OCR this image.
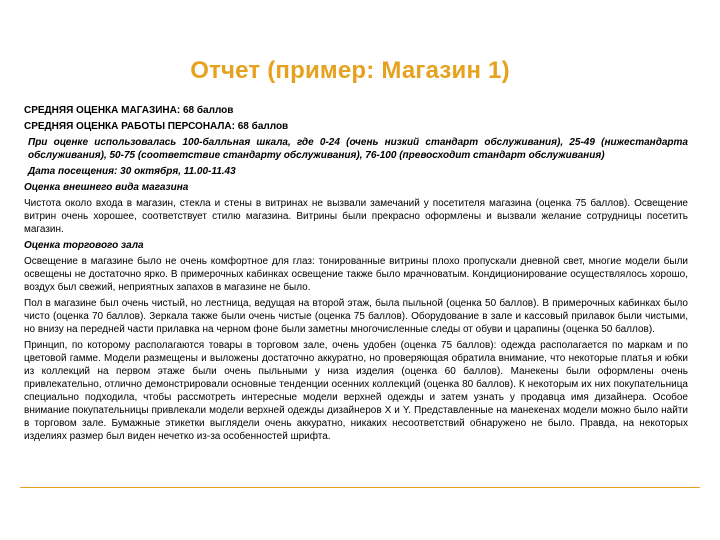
Отчет (пример: Магазин 1)
СРЕДНЯЯ ОЦЕНКА МАГАЗИНА: 68 баллов
СРЕДНЯЯ ОЦЕНКА РАБОТЫ ПЕРСОНАЛА: 68 баллов
При оценке использовалась 100-балльная шкала, где 0-24 (очень низкий стандарт обслуживания), 25-49 (нижестандарта обслуживания), 50-75 (соответствие стандарту обслуживания), 76-100 (превосходит стандарт обслуживания)
Дата посещения: 30 октября, 11.00-11.43
Оценка внешнего вида магазина
Чистота около входа в магазин, стекла и стены в витринах не вызвали замечаний у посетителя магазина (оценка 75 баллов). Освещение витрин очень хорошее, соответствует стилю магазина. Витрины были прекрасно оформлены и вызвали желание сотрудницы посетить магазин.
Оценка торгового зала
Освещение в магазине было не очень комфортное для глаз: тонированные витрины плохо пропускали дневной свет, многие модели были освещены не достаточно ярко. В примерочных кабинках освещение также было мрачноватым. Кондиционирование осуществлялось хорошо, воздух был свежий, неприятных запахов в магазине не было.
Пол в магазине был очень чистый, но лестница, ведущая на второй этаж, была пыльной (оценка 50 баллов). В примерочных кабинках было чисто (оценка 70 баллов). Зеркала также были очень чистые (оценка 75 баллов). Оборудование в зале и кассовый прилавок были чистыми, но внизу на передней части прилавка на черном фоне были заметны многочисленные следы от обуви и царапины (оценка 50 баллов).
Принцип, по которому располагаются товары в торговом зале, очень удобен (оценка 75 баллов): одежда располагается по маркам и по цветовой гамме. Модели размещены и выложены достаточно аккуратно, но проверяющая обратила внимание, что некоторые платья и юбки из коллекций на первом этаже были очень пыльными у низа изделия (оценка 60 баллов). Манекены были оформлены очень привлекательно, отлично демонстрировали основные тенденции осенних коллекций (оценка 80 баллов). К некоторым их них покупательница специально подходила, чтобы рассмотреть интересные модели верхней одежды и затем узнать у продавца имя дизайнера. Особое внимание покупательницы привлекали модели верхней одежды дизайнеров X и Y. Представленные на манекенах модели можно было найти в торговом зале. Бумажные этикетки выглядели очень аккуратно, никаких несоответствий обнаружено не было. Правда, на некоторых изделиях размер был виден нечетко из-за особенностей шрифта.
